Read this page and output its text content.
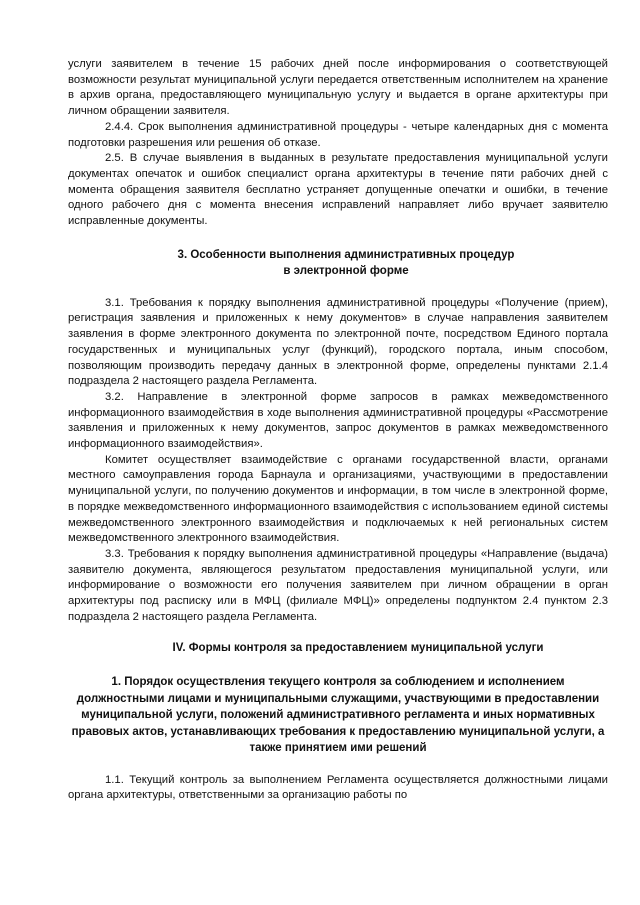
услуги заявителем в течение 15 рабочих дней после информирования о соответствующей возможности результат муниципальной услуги передается ответственным исполнителем на хранение в архив органа, предоставляющего муниципальную услугу и выдается в органе архитектуры при личном обращении заявителя.

2.4.4. Срок выполнения административной процедуры - четыре календарных дня с момента подготовки разрешения или решения об отказе.

2.5. В случае выявления в выданных в результате предоставления муниципальной услуги документах опечаток и ошибок специалист органа архитектуры в течение пяти рабочих дней с момента обращения заявителя бесплатно устраняет допущенные опечатки и ошибки, в течение одного рабочего дня с момента внесения исправлений направляет либо вручает заявителю исправленные документы.

3. Особенности выполнения административных процедур
в электронной форме

3.1. Требования к порядку выполнения административной процедуры «Получение (прием), регистрация заявления и приложенных к нему документов» в случае направления заявителем заявления в форме электронного документа по электронной почте, посредством Единого портала государственных и муниципальных услуг (функций), городского портала, иным способом, позволяющим производить передачу данных в электронной форме, определены пунктами 2.1.4 подраздела 2 настоящего раздела Регламента.

3.2. Направление в электронной форме запросов в рамках межведомственного информационного взаимодействия в ходе выполнения административной процедуры «Рассмотрение заявления и приложенных к нему документов, запрос документов в рамках межведомственного информационного взаимодействия».

Комитет осуществляет взаимодействие с органами государственной власти, органами местного самоуправления города Барнаула и организациями, участвующими в предоставлении муниципальной услуги, по получению документов и информации, в том числе в электронной форме, в порядке межведомственного информационного взаимодействия с использованием единой системы межведомственного электронного взаимодействия и подключаемых к ней региональных систем межведомственного электронного взаимодействия.

3.3. Требования к порядку выполнения административной процедуры «Направление (выдача) заявителю документа, являющегося результатом предоставления муниципальной услуги, или информирование о возможности его получения заявителем при личном обращении в орган архитектуры под расписку или в МФЦ (филиале МФЦ)» определены подпунктом 2.4 пунктом 2.3 подраздела 2 настоящего раздела Регламента.

IV. Формы контроля за предоставлением муниципальной услуги
1. Порядок осуществления текущего контроля за соблюдением и исполнением должностными лицами и муниципальными служащими, участвующими в предоставлении муниципальной услуги, положений административного регламента и иных нормативных правовых актов, устанавливающих требования к предоставлению муниципальной услуги, а также принятием ими решений

1.1. Текущий контроль за выполнением Регламента осуществляется должностными лицами органа архитектуры, ответственными за организацию работы по
